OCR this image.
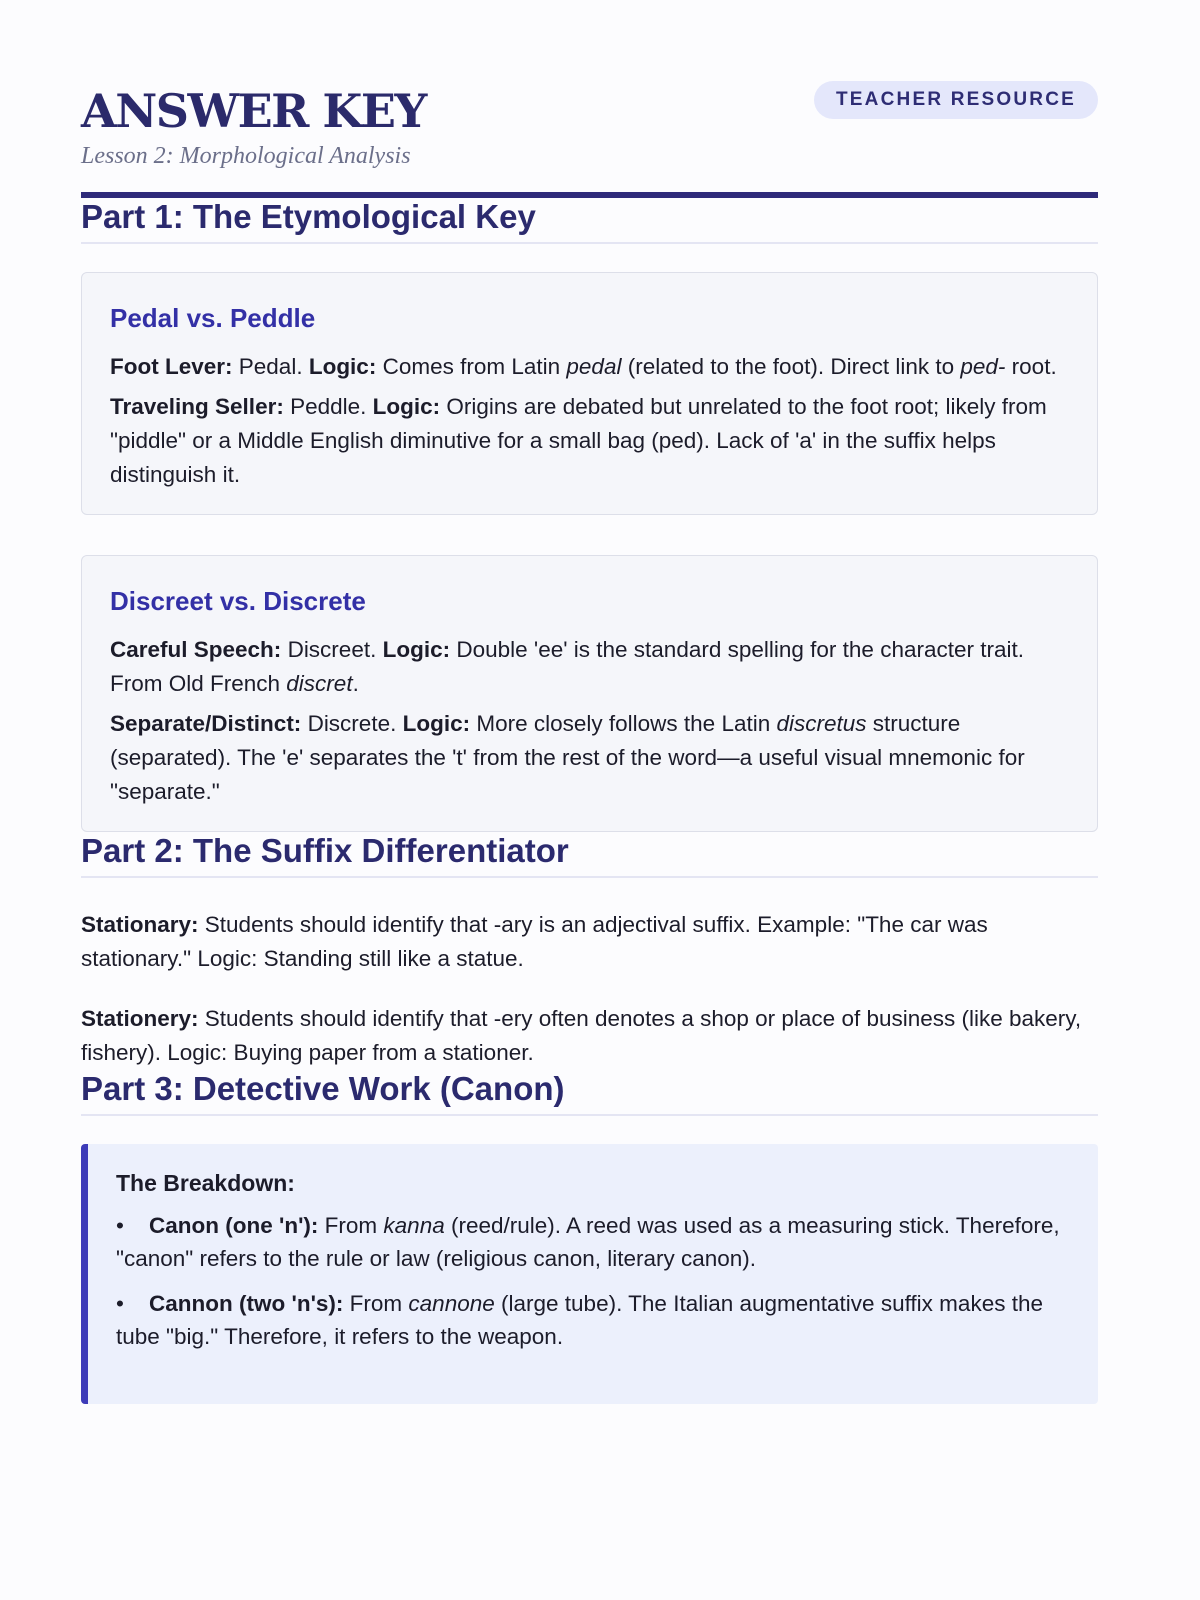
ANSWER KEY
Lesson 2: Morphological Analysis
TEACHER RESOURCE
Part 1: The Etymological Key
Pedal vs. Peddle

Foot Lever: Pedal. Logic: Comes from Latin pedal (related to the foot). Direct link to ped- root.

Traveling Seller: Peddle. Logic: Origins are debated but unrelated to the foot root; likely from "piddle" or a Middle English diminutive for a small bag (ped). Lack of 'a' in the suffix helps distinguish it.

Discreet vs. Discrete

Careful Speech: Discreet. Logic: Double 'ee' is the standard spelling for the character trait. From Old French discret.

Separate/Distinct: Discrete. Logic: More closely follows the Latin discretus structure (separated). The 'e' separates the 't' from the rest of the word—a useful visual mnemonic for "separate."

Part 2: The Suffix Differentiator

Stationary: Students should identify that -ary is an adjectival suffix. Example: "The car was stationary." Logic: Standing still like a statue.

Stationery: Students should identify that -ery often denotes a shop or place of business (like bakery, fishery). Logic: Buying paper from a stationer.

Part 3: Detective Work (Canon)
The Breakdown:
• Canon (one 'n'): From kanna (reed/rule). A reed was used as a measuring stick. Therefore, "canon" refers to the rule or law (religious canon, literary canon).
• Cannon (two 'n's): From cannone (large tube). The Italian augmentative suffix makes the tube "big." Therefore, it refers to the weapon.
